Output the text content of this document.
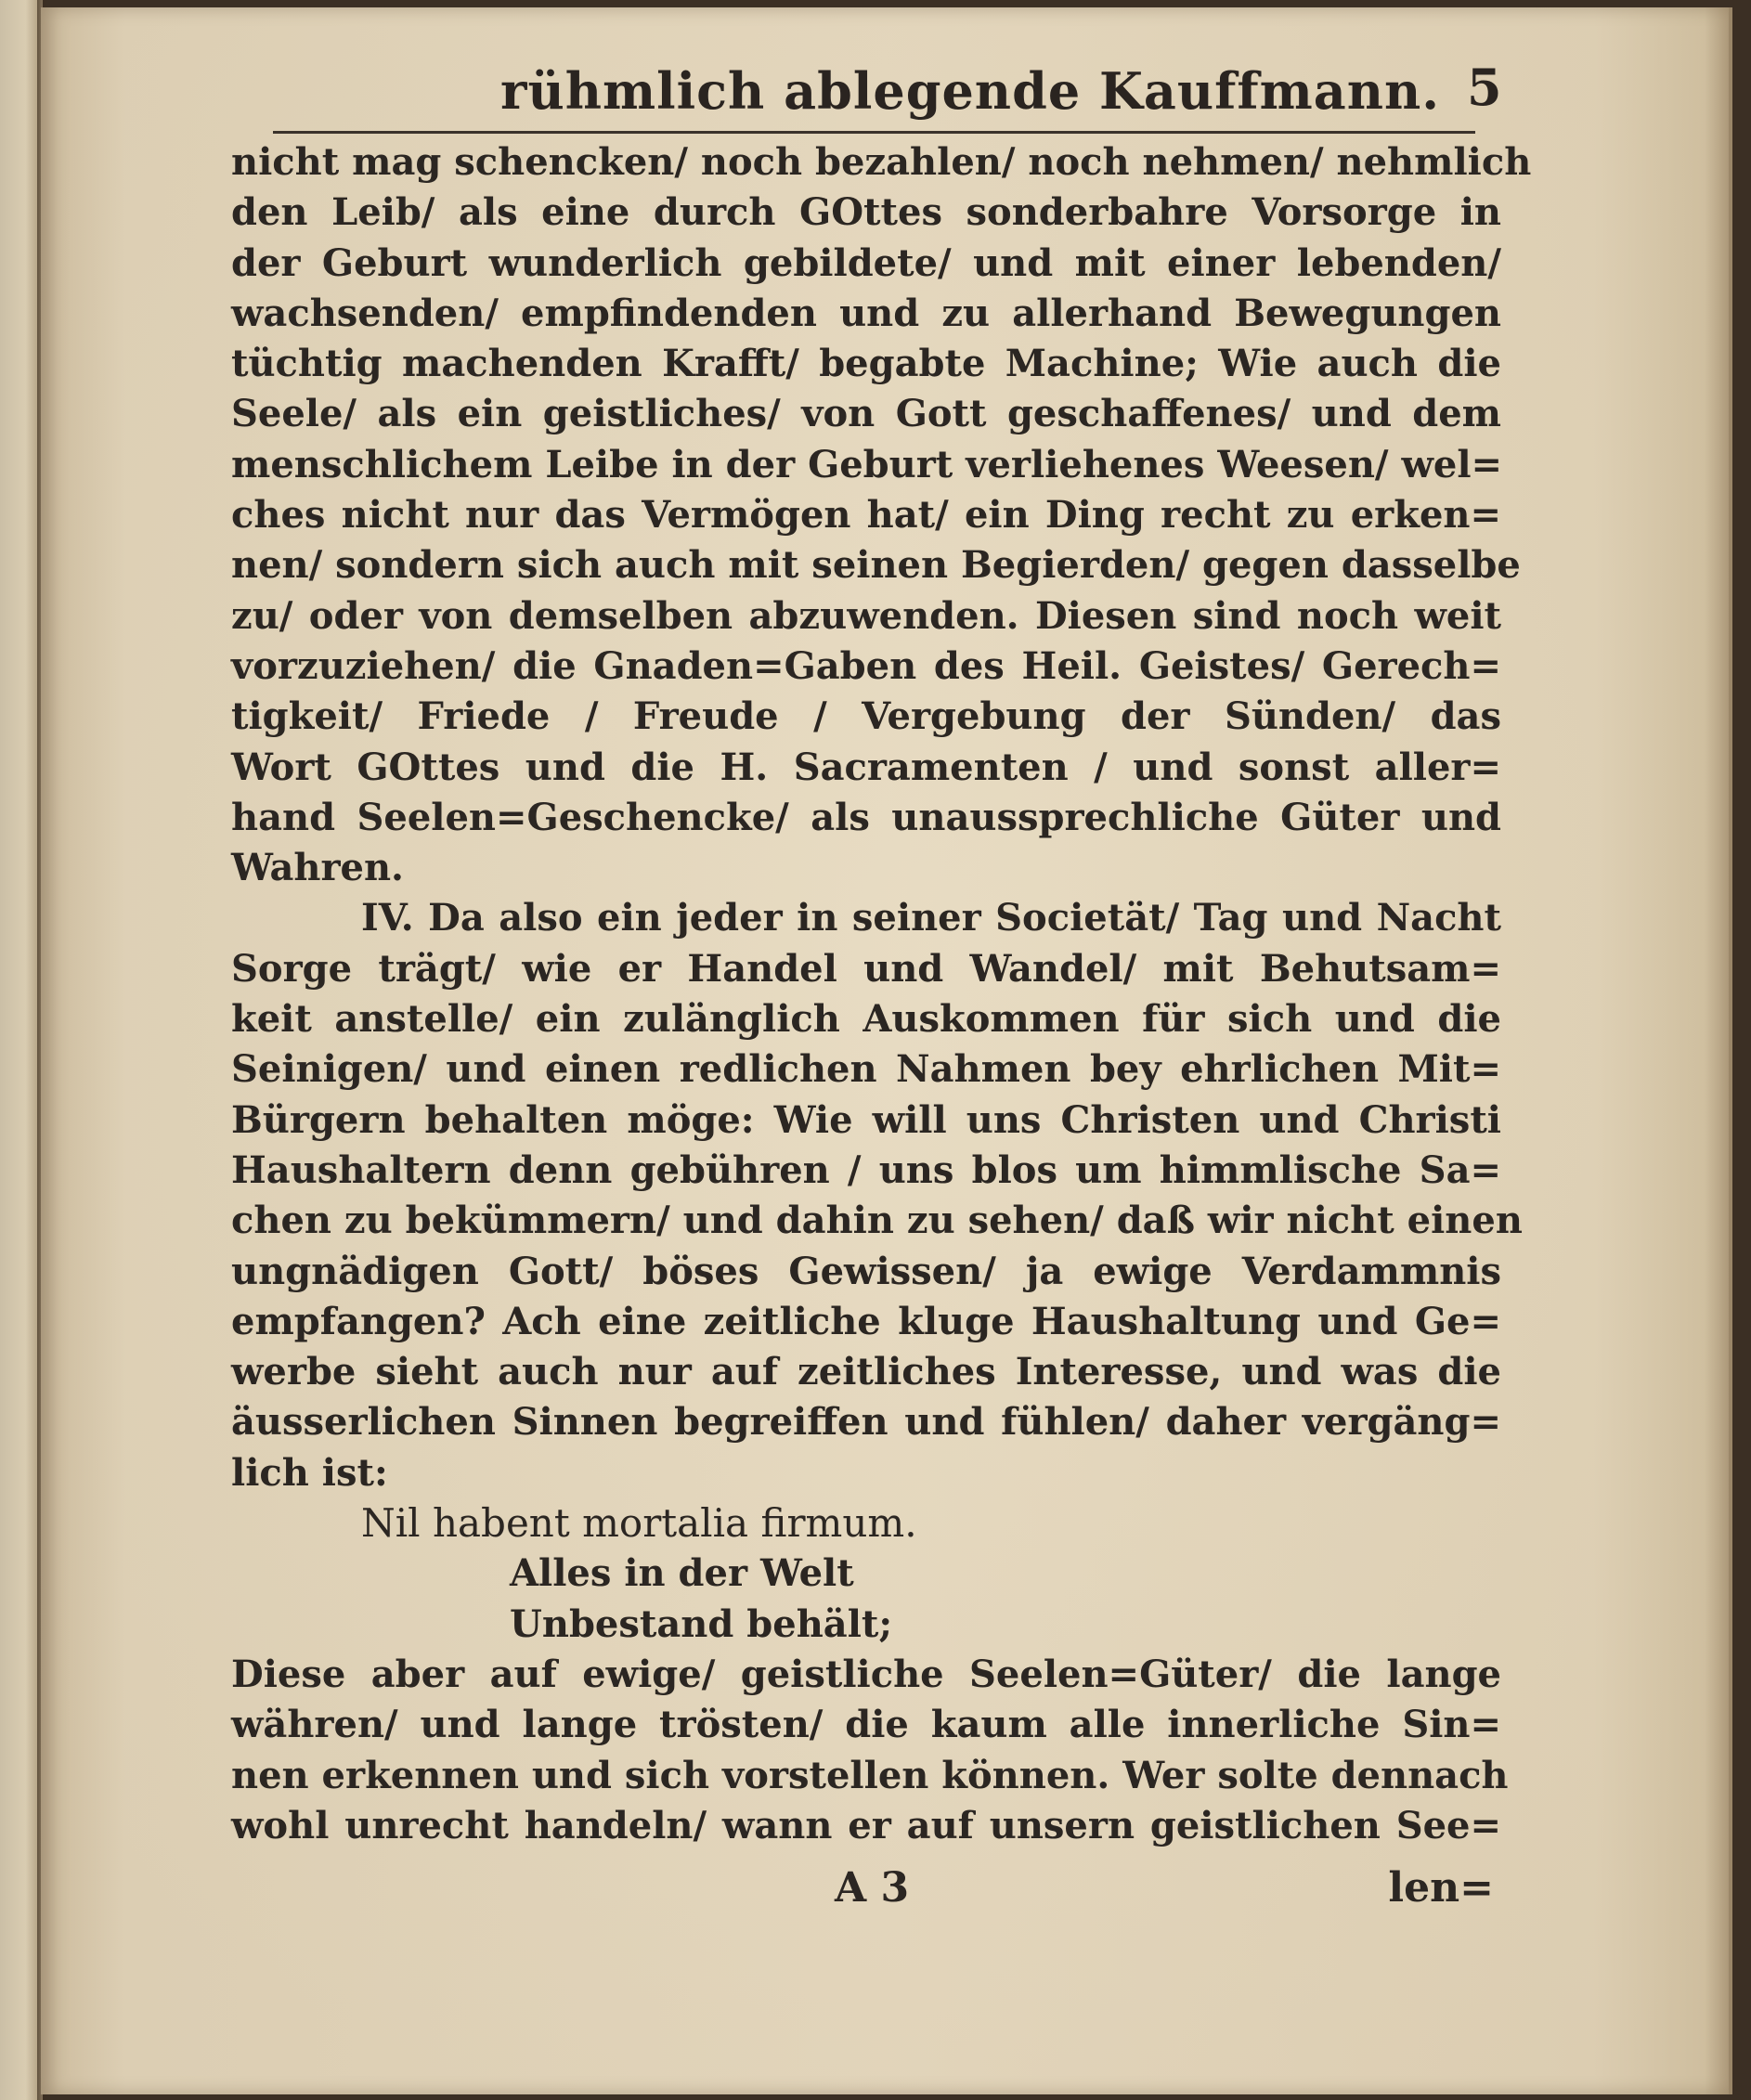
rühmlich ablegende Kauffmann. 5
nicht mag schencken/ noch bezahlen/ noch nehmen/ nehmlich
den Leib/ als eine durch GOttes sonderbahre Vorsorge in
der Geburt wunderlich gebildete/ und mit einer lebenden/
wachsenden/ empfindenden und zu allerhand Bewegungen
tüchtig machenden Krafft/ begabte Machine; Wie auch die
Seele/ als ein geistliches/ von Gott geschaffenes/ und dem
menschlichem Leibe in der Geburt verliehenes Weesen/ wel=
ches nicht nur das Vermögen hat/ ein Ding recht zu erken=
nen/ sondern sich auch mit seinen Begierden/ gegen dasselbe
zu/ oder von demselben abzuwenden. Diesen sind noch weit
vorzuziehen/ die Gnaden=Gaben des Heil. Geistes/ Gerech=
tigkeit/ Friede / Freude / Vergebung der Sünden/ das
Wort GOttes und die H. Sacramenten / und sonst aller=
hand Seelen=Geschencke/ als unaussprechliche Güter und
Wahren.
IV. Da also ein jeder in seiner Societät/ Tag und Nacht
Sorge trägt/ wie er Handel und Wandel/ mit Behutsam=
keit anstelle/ ein zulänglich Auskommen für sich und die
Seinigen/ und einen redlichen Nahmen bey ehrlichen Mit=
Bürgern behalten möge: Wie will uns Christen und Christi
Haushaltern denn gebühren / uns blos um himmlische Sa=
chen zu bekümmern/ und dahin zu sehen/ daß wir nicht einen
ungnädigen Gott/ böses Gewissen/ ja ewige Verdammnis
empfangen? Ach eine zeitliche kluge Haushaltung und Ge=
werbe sieht auch nur auf zeitliches Interesse, und was die
äusserlichen Sinnen begreiffen und fühlen/ daher vergäng=
lich ist:
Nil habent mortalia firmum.
Alles in der Welt
Unbestand behält;
Diese aber auf ewige/ geistliche Seelen=Güter/ die lange
währen/ und lange trösten/ die kaum alle innerliche Sin=
nen erkennen und sich vorstellen können. Wer solte dennach
wohl unrecht handeln/ wann er auf unsern geistlichen See=
A 3	len=
